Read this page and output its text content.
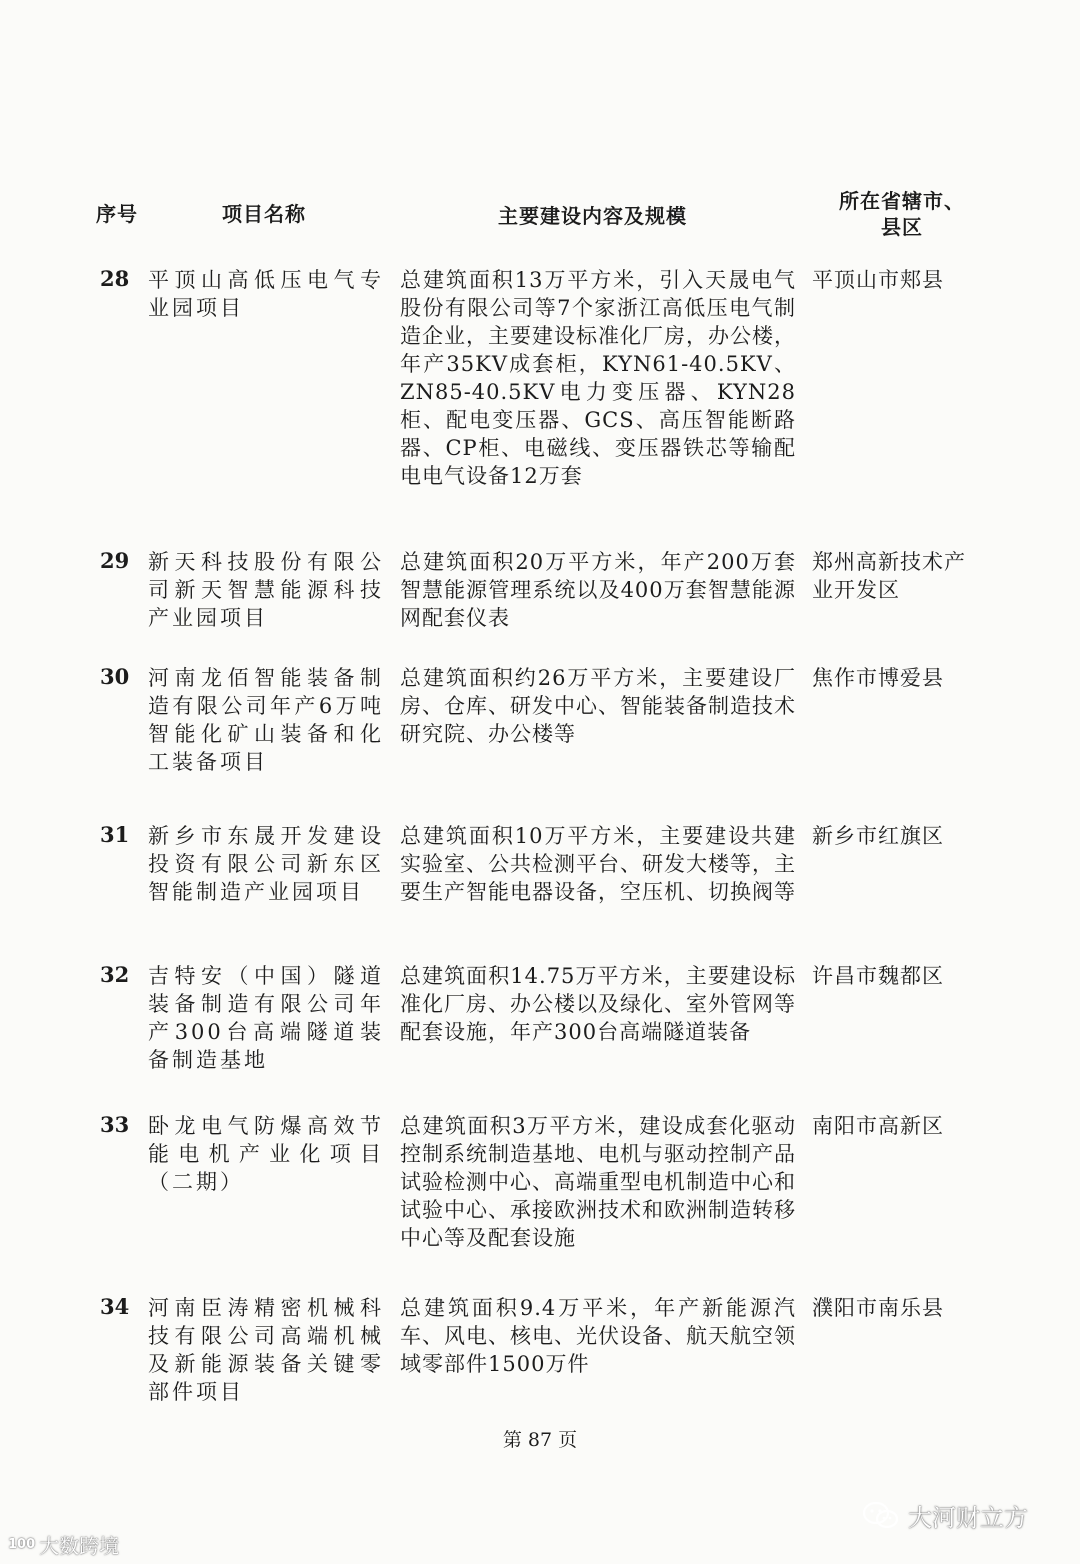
序号	项目名称	主要建设内容及规模
所在省辖市、
县区
28 平顶山高低压电气专业园项目
总建筑面积13万平方米，引入天晟电气股份有限公司等7个家浙江高低压电气制造企业，主要建设标准化厂房，办公楼，年产35KV成套柜，KYN61-40.5KV、ZN85-40.5KV电力变压器、KYN28柜、配电变压器、GCS、高压智能断路器、CP柜、电磁线、变压器铁芯等输配电电气设备12万套
平顶山市郏县
29 新天科技股份有限公司新天智慧能源科技产业园项目
总建筑面积20万平方米，年产200万套智慧能源管理系统以及400万套智慧能源网配套仪表
郑州高新技术产业开发区
30 河南龙佰智能装备制造有限公司年产6万吨智能化矿山装备和化工装备项目
总建筑面积约26万平方米，主要建设厂房、仓库、研发中心、智能装备制造技术研究院、办公楼等
焦作市博爱县
31 新乡市东晟开发建设投资有限公司新东区智能制造产业园项目
总建筑面积10万平方米，主要建设共建实验室、公共检测平台、研发大楼等，主要生产智能电器设备，空压机、切换阀等
新乡市红旗区
32 吉特安（中国）隧道装备制造有限公司年产300台高端隧道装备制造基地
总建筑面积14.75万平方米，主要建设标准化厂房、办公楼以及绿化、室外管网等配套设施，年产300台高端隧道装备
许昌市魏都区
33 卧龙电气防爆高效节能电机产业化项目（二期）
总建筑面积3万平方米，建设成套化驱动控制系统制造基地、电机与驱动控制产品试验检测中心、高端重型电机制造中心和试验中心、承接欧洲技术和欧洲制造转移中心等及配套设施
南阳市高新区
34 河南臣涛精密机械科技有限公司高端机械及新能源装备关键零部件项目
总建筑面积9.4万平米，年产新能源汽车、风电、核电、光伏设备、航天航空领域零部件1500万件
濮阳市南乐县
第 87 页
100 大数跨境
大河财立方
